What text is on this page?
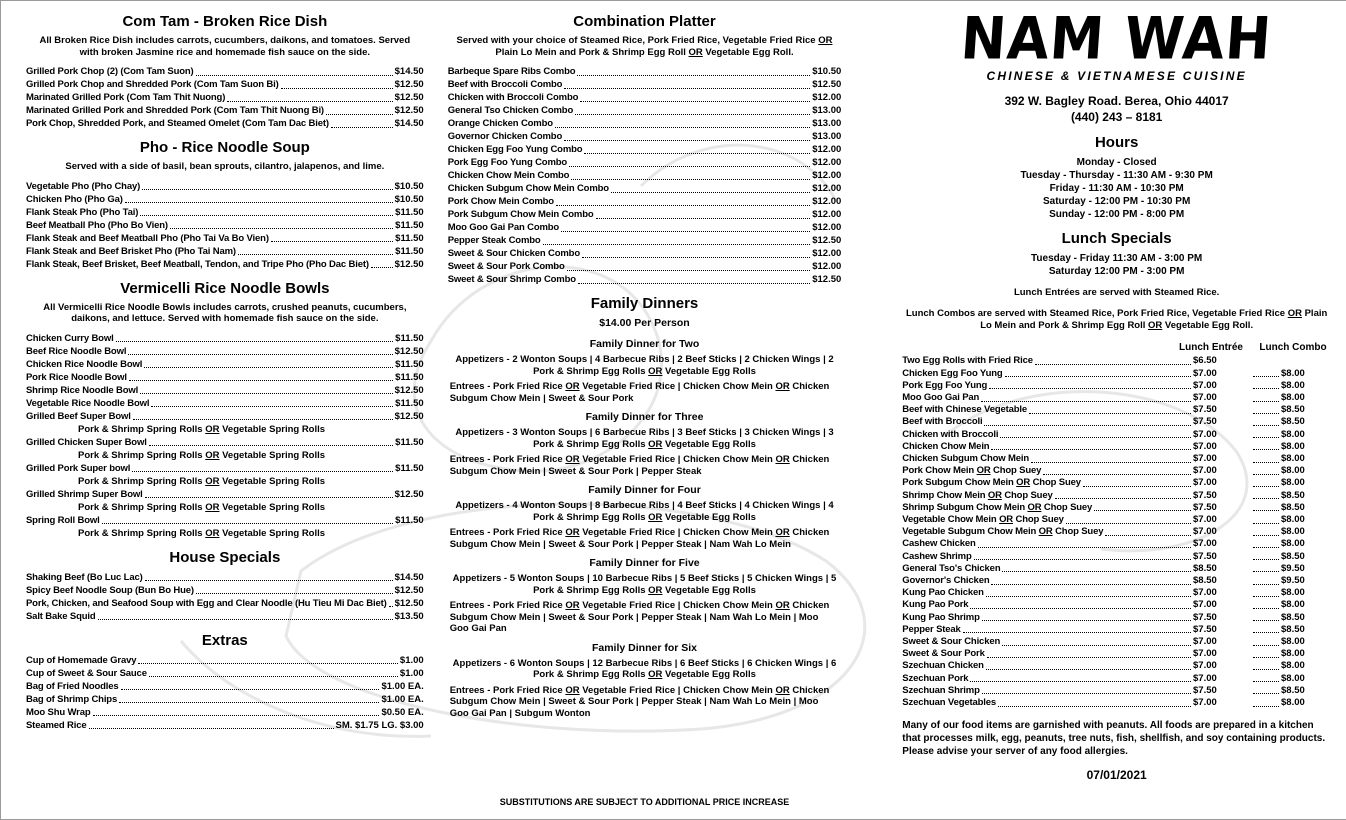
Com Tam - Broken Rice Dish

All Broken Rice Dish includes carrots, cucumbers, daikons, and tomatoes. Served with broken Jasmine rice and homemade fish sauce on the side.

Grilled Pork Chop (2) (Com Tam Suon)	$14.50
Grilled Pork Chop and Shredded Pork (Com Tam Suon Bi)	$12.50
Marinated Grilled Pork (Com Tam Thit Nuong)	$12.50
Marinated Grilled Pork and Shredded Pork (Com Tam Thit Nuong Bi)	$12.50
Pork Chop, Shredded Pork, and Steamed Omelet (Com Tam Dac Biet)	$14.50
Pho - Rice Noodle Soup

Served with a side of basil, bean sprouts, cilantro, jalapenos, and lime.

Vegetable Pho (Pho Chay)	$10.50
Chicken Pho (Pho Ga)	$10.50
Flank Steak Pho (Pho Tai)	$11.50
Beef Meatball Pho (Pho Bo Vien)	$11.50
Flank Steak and Beef Meatball Pho (Pho Tai Va Bo Vien)	$11.50
Flank Steak and Beef Brisket Pho (Pho Tai Nam)	$11.50
Flank Steak, Beef Brisket, Beef Meatball, Tendon, and Tripe Pho (Pho Dac Biet)	$12.50
Vermicelli Rice Noodle Bowls

All Vermicelli Rice Noodle Bowls includes carrots, crushed peanuts, cucumbers, daikons, and lettuce. Served with homemade fish sauce on the side.

Chicken Curry Bowl	$11.50
Beef Rice Noodle Bowl	$12.50
Chicken Rice Noodle Bowl	$11.50
Pork Rice Noodle Bowl	$11.50
Shrimp Rice Noodle Bowl	$12.50
Vegetable Rice Noodle Bowl	$11.50
Grilled Beef Super Bowl	$12.50
Pork & Shrimp Spring Rolls OR Vegetable Spring Rolls
Grilled Chicken Super Bowl	$11.50
Pork & Shrimp Spring Rolls OR Vegetable Spring Rolls
Grilled Pork Super bowl	$11.50
Pork & Shrimp Spring Rolls OR Vegetable Spring Rolls
Grilled Shrimp Super Bowl	$12.50
Pork & Shrimp Spring Rolls OR Vegetable Spring Rolls
Spring Roll Bowl	$11.50
Pork & Shrimp Spring Rolls OR Vegetable Spring Rolls
House Specials
Shaking Beef (Bo Luc Lac)	$14.50
Spicy Beef Noodle Soup (Bun Bo Hue)	$12.50
Pork, Chicken, and Seafood Soup with Egg and Clear Noodle (Hu Tieu Mi Dac Biet) $12.50
Salt Bake Squid	$13.50
Extras
Cup of Homemade Gravy	$1.00
Cup of Sweet & Sour Sauce	$1.00
Bag of Fried Noodles	$1.00 EA.
Bag of Shrimp Chips	$1.00 EA.
Moo Shu Wrap	$0.50 EA.
Steamed Rice	SM. $1.75 LG. $3.00
Combination Platter

Served with your choice of Steamed Rice, Pork Fried Rice, Vegetable Fried Rice OR Plain Lo Mein and Pork & Shrimp Egg Roll OR Vegetable Egg Roll.

Barbeque Spare Ribs Combo	$10.50
Beef with Broccoli Combo	$12.50
Chicken with Broccoli Combo	$12.00
General Tso Chicken Combo	$13.00
Orange Chicken Combo	$13.00
Governor Chicken Combo	$13.00
Chicken Egg Foo Yung Combo	$12.00
Pork Egg Foo Yung Combo	$12.00
Chicken Chow Mein Combo	$12.00
Chicken Subgum Chow Mein Combo	$12.00
Pork Chow Mein Combo	$12.00
Pork Subgum Chow Mein Combo	$12.00
Moo Goo Gai Pan Combo	$12.00
Pepper Steak Combo	$12.50
Sweet & Sour Chicken Combo	$12.00
Sweet & Sour Pork Combo	$12.00
Sweet & Sour Shrimp Combo	$12.50
Family Dinners
$14.00 Per Person
Family Dinner for Two

Appetizers - 2 Wonton Soups | 4 Barbecue Ribs | 2 Beef Sticks | 2 Chicken Wings | 2 Pork & Shrimp Egg Rolls OR Vegetable Egg Rolls

Entrees - Pork Fried Rice OR Vegetable Fried Rice | Chicken Chow Mein OR Chicken Subgum Chow Mein | Sweet & Sour Pork

Family Dinner for Three

Appetizers - 3 Wonton Soups | 6 Barbecue Ribs | 3 Beef Sticks | 3 Chicken Wings | 3 Pork & Shrimp Egg Rolls OR Vegetable Egg Rolls

Entrees - Pork Fried Rice OR Vegetable Fried Rice | Chicken Chow Mein OR Chicken Subgum Chow Mein | Sweet & Sour Pork | Pepper Steak

Family Dinner for Four

Appetizers - 4 Wonton Soups | 8 Barbecue Ribs | 4 Beef Sticks | 4 Chicken Wings | 4 Pork & Shrimp Egg Rolls OR Vegetable Egg Rolls

Entrees - Pork Fried Rice OR Vegetable Fried Rice | Chicken Chow Mein OR Chicken Subgum Chow Mein | Sweet & Sour Pork | Pepper Steak | Nam Wah Lo Mein

Family Dinner for Five

Appetizers - 5 Wonton Soups | 10 Barbecue Ribs | 5 Beef Sticks | 5 Chicken Wings | 5 Pork & Shrimp Egg Rolls OR Vegetable Egg Rolls

Entrees - Pork Fried Rice OR Vegetable Fried Rice | Chicken Chow Mein OR Chicken Subgum Chow Mein | Sweet & Sour Pork | Pepper Steak | Nam Wah Lo Mein | Moo Goo Gai Pan

Family Dinner for Six

Appetizers - 6 Wonton Soups | 12 Barbecue Ribs | 6 Beef Sticks | 6 Chicken Wings | 6 Pork & Shrimp Egg Rolls OR Vegetable Egg Rolls

Entrees - Pork Fried Rice OR Vegetable Fried Rice | Chicken Chow Mein OR Chicken Subgum Chow Mein | Sweet & Sour Pork | Pepper Steak | Nam Wah Lo Mein | Moo Goo Gai Pan | Subgum Wonton

SUBSTITUTIONS ARE SUBJECT TO ADDITIONAL PRICE INCREASE
NAM WAH
CHINESE & VIETNAMESE CUISINE
392 W. Bagley Road. Berea, Ohio 44017
(440) 243 – 8181
Hours
Monday - Closed
Tuesday - Thursday - 11:30 AM - 9:30 PM
Friday - 11:30 AM - 10:30 PM
Saturday - 12:00 PM - 10:30 PM
Sunday - 12:00 PM - 8:00 PM
Lunch Specials
Tuesday - Friday 11:30 AM - 3:00 PM
Saturday 12:00 PM - 3:00 PM
Lunch Entrées are served with Steamed Rice.
Lunch Combos are served with Steamed Rice, Pork Fried Rice, Vegetable Fried Rice OR Plain Lo Mein and Pork & Shrimp Egg Roll OR Vegetable Egg Roll.
Lunch Entrée	Lunch Combo
Two Egg Rolls with Fried Rice	$6.50
Chicken Egg Foo Yung	$7.00	$8.00
Pork Egg Foo Yung	$7.00	$8.00
Moo Goo Gai Pan	$7.00	$8.00
Beef with Chinese Vegetable	$7.50	$8.50
Beef with Broccoli	$7.50	$8.50
Chicken with Broccoli	$7.00	$8.00
Chicken Chow Mein	$7.00	$8.00
Chicken Subgum Chow Mein	$7.00	$8.00
Pork Chow Mein OR Chop Suey	$7.00	$8.00
Pork Subgum Chow Mein OR Chop Suey	$7.00	$8.00
Shrimp Chow Mein OR Chop Suey	$7.50	$8.50
Shrimp Subgum Chow Mein OR Chop Suey	$7.50	$8.50
Vegetable Chow Mein OR Chop Suey	$7.00	$8.00
Vegetable Subgum Chow Mein OR Chop Suey	$7.00	$8.00
Cashew Chicken	$7.00	$8.00
Cashew Shrimp	$7.50	$8.50
General Tso's Chicken	$8.50	$9.50
Governor's Chicken	$8.50	$9.50
Kung Pao Chicken	$7.00	$8.00
Kung Pao Pork	$7.00	$8.00
Kung Pao Shrimp	$7.50	$8.50
Pepper Steak	$7.50	$8.50
Sweet & Sour Chicken	$7.00	$8.00
Sweet & Sour Pork	$7.00	$8.00
Szechuan Chicken	$7.00	$8.00
Szechuan Pork	$7.00	$8.00
Szechuan Shrimp	$7.50	$8.50
Szechuan Vegetables	$7.00	$8.00
Many of our food items are garnished with peanuts. All foods are prepared in a kitchen that processes milk, egg, peanuts, tree nuts, fish, shellfish, and soy containing products. Please advise your server of any food allergies.
07/01/2021
